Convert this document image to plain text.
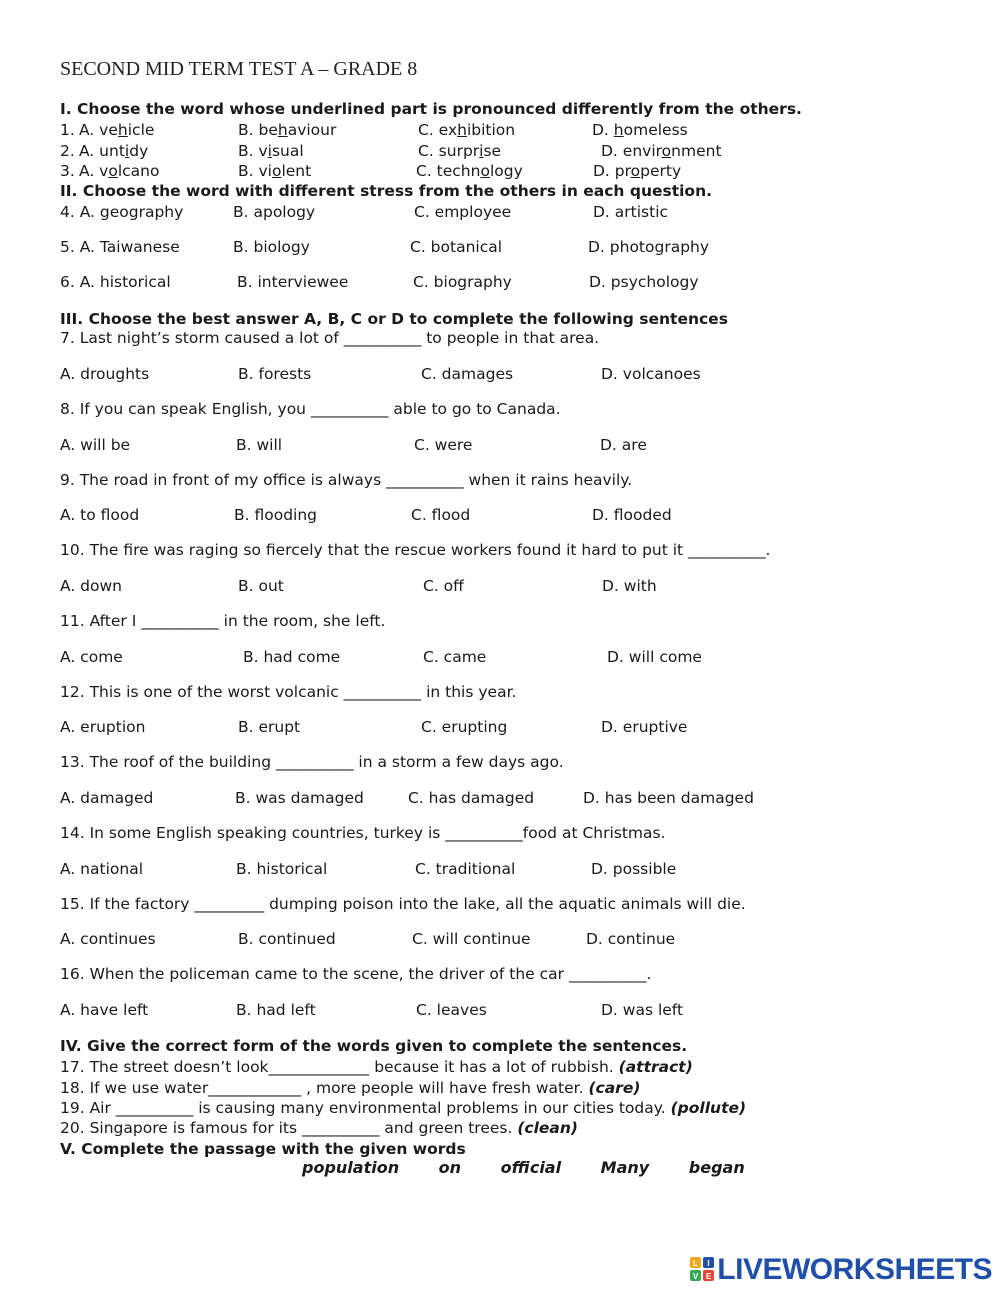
SECOND MID TERM TEST A – GRADE 8
I. Choose the word whose underlined part is pronounced differently from the others.
1. A. vehicle	B. behaviour	C. exhibition	D. homeless
2. A. untidy	B. visual	C. surprise	D. environment
3. A. volcano	B. violent	C. technology	D. property
II. Choose the word with different stress from the others in each question.
4. A. geography	B. apology	C. employee	D. artistic
5. A. Taiwanese	B. biology	C. botanical	D. photography
6. A. historical	B. interviewee	C. biography	D. psychology
III. Choose the best answer A, B, C or D to complete the following sentences
7. Last night’s storm caused a lot of __________ to people in that area.
A. droughts	B. forests	C. damages	D. volcanoes
8. If you can speak English, you __________ able to go to Canada.
A. will be	B. will	C. were	D. are
9. The road in front of my office is always __________ when it rains heavily.
A. to flood	B. flooding	C. flood	D. flooded
10. The fire was raging so fiercely that the rescue workers found it hard to put it __________.
A. down	B. out	C. off	D. with
11. After I __________ in the room, she left.
A. come	B. had come	C. came	D. will come
12. This is one of the worst volcanic __________ in this year.
A. eruption	B. erupt	C. erupting	D. eruptive
13. The roof of the building __________ in a storm a few days ago.
A. damaged	B. was damaged	C. has damaged	D. has been damaged
14. In some English speaking countries, turkey is __________food at Christmas.
A. national	B. historical	C. traditional	D. possible
15. If the factory _________ dumping poison into the lake, all the aquatic animals will die.
A. continues	B. continued	C. will continue	D. continue
16. When the policeman came to the scene, the driver of the car __________.
A. have left	B. had left	C. leaves	D. was left
IV. Give the correct form of the words given to complete the sentences.
17. The street doesn’t look_____________ because it has a lot of rubbish. (attract)
18. If we use water____________ , more people will have fresh water. (care)
19. Air __________ is causing many environmental problems in our cities today. (pollute)
20. Singapore is famous for its __________ and green trees. (clean)
V. Complete the passage with the given words
population on official Many began
L I
V E LIVEWORKSHEETS
